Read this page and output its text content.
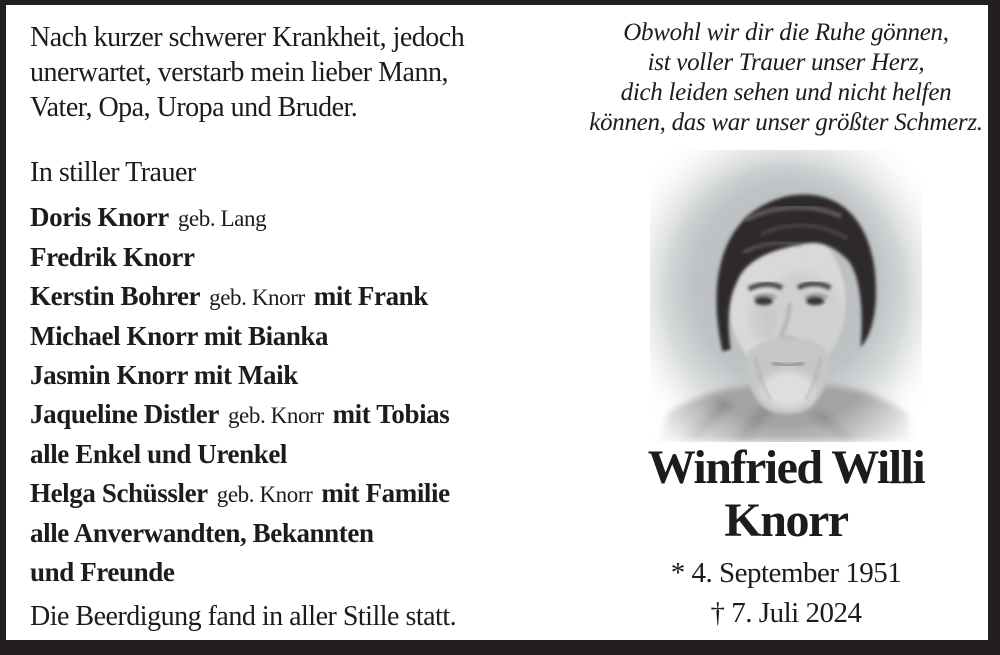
Nach kurzer schwerer Krankheit, jedoch
unerwartet, verstarb mein lieber Mann,
Vater, Opa, Uropa und Bruder.
In stiller Trauer
Doris Knorr geb. Lang
Fredrik Knorr
Kerstin Bohrer geb. Knorr mit Frank
Michael Knorr mit Bianka
Jasmin Knorr mit Maik
Jaqueline Distler geb. Knorr mit Tobias
alle Enkel und Urenkel
Helga Schüssler geb. Knorr mit Familie
alle Anverwandten, Bekannten
und Freunde
Die Beerdigung fand in aller Stille statt.
Obwohl wir dir die Ruhe gönnen,
ist voller Trauer unser Herz,
dich leiden sehen und nicht helfen
können, das war unser größter Schmerz.
Winfried Willi
Knorr
* 4. September 1951
† 7. Juli 2024
